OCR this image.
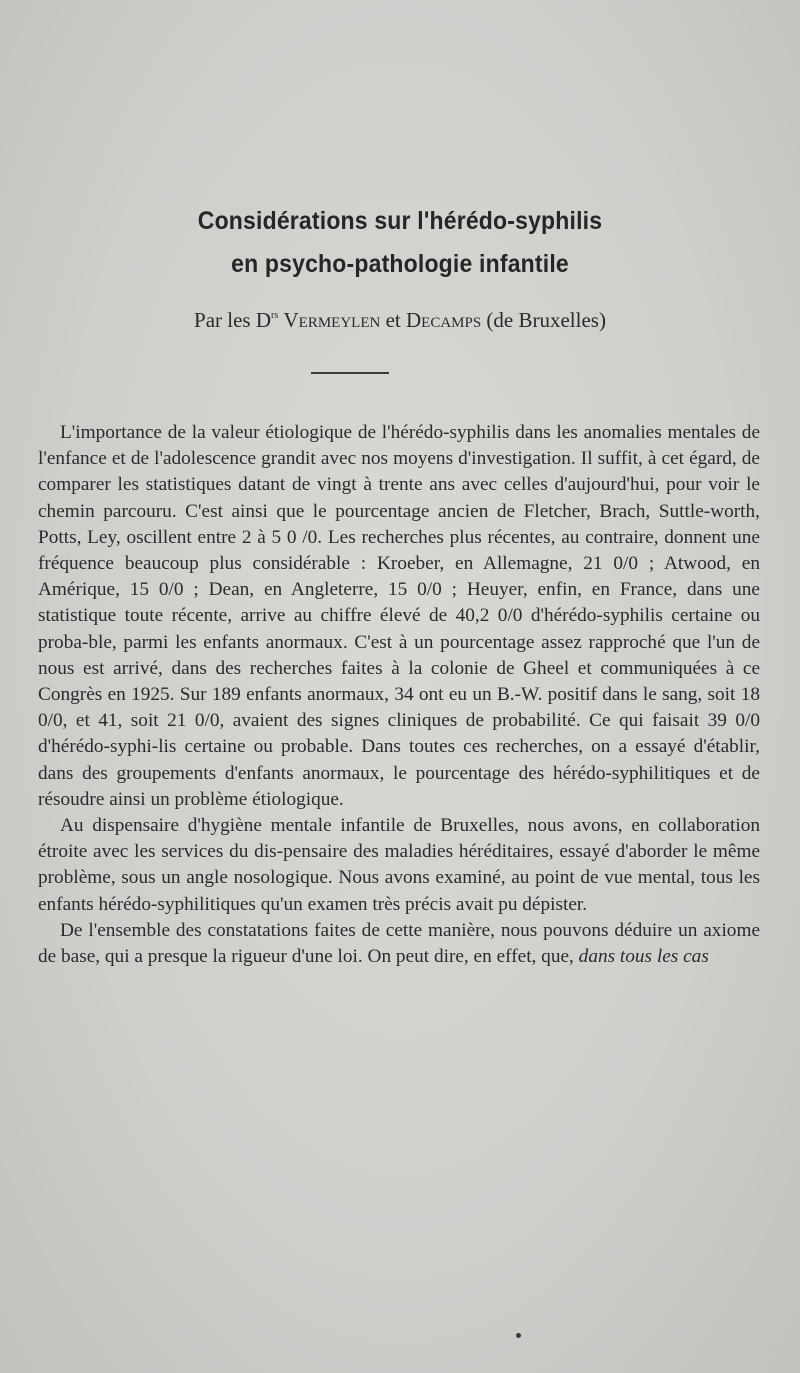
Considérations sur l'hérédo-syphilis
en psycho-pathologie infantile
Par les $D^{rs}$ Vermeylen et Decamps (de Bruxelles)

L'importance de la valeur étiologique de l'hérédo-syphilis dans les anomalies mentales de l'enfance et de l'adolescence grandit avec nos moyens d'investigation. Il suffit, à cet égard, de comparer les statistiques datant de vingt à trente ans avec celles d'aujourd'hui, pour voir le chemin parcouru. C'est ainsi que le pourcentage ancien de Fletcher, Brach, Suttle-worth, Potts, Ley, oscillent entre 2 à 5 0 /0. Les recherches plus récentes, au contraire, donnent une fréquence beaucoup plus considérable : Kroeber, en Allemagne, 21 0/0 ; Atwood, en Amérique, 15 0/0 ; Dean, en Angleterre, 15 0/0 ; Heuyer, enfin, en France, dans une statistique toute récente, arrive au chiffre élevé de 40,2 0/0 d'hérédo-syphilis certaine ou proba-ble, parmi les enfants anormaux. C'est à un pourcentage assez rapproché que l'un de nous est arrivé, dans des recherches faites à la colonie de Gheel et communiquées à ce Congrès en 1925. Sur 189 enfants anormaux, 34 ont eu un B.-W. positif dans le sang, soit 18 0/0, et 41, soit 21 0/0, avaient des signes cliniques de probabilité. Ce qui faisait 39 0/0 d'hérédo-syphi-lis certaine ou probable. Dans toutes ces recherches, on a essayé d'établir, dans des groupements d'enfants anormaux, le pourcentage des hérédo-syphilitiques et de résoudre ainsi un problème étiologique.

Au dispensaire d'hygiène mentale infantile de Bruxelles, nous avons, en collaboration étroite avec les services du dis-pensaire des maladies héréditaires, essayé d'aborder le même problème, sous un angle nosologique. Nous avons examiné, au point de vue mental, tous les enfants hérédo-syphilitiques qu'un examen très précis avait pu dépister.

De l'ensemble des constatations faites de cette manière, nous pouvons déduire un axiome de base, qui a presque la rigueur d'une loi. On peut dire, en effet, que, dans tous les cas
